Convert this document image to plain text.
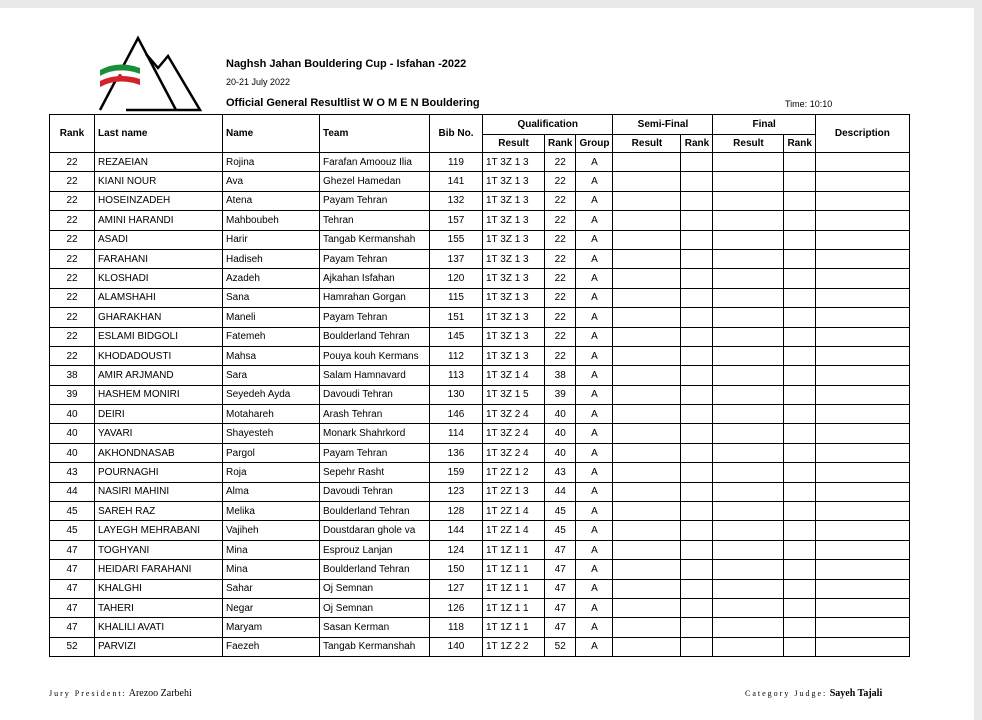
Naghsh Jahan Bouldering Cup - Isfahan -2022
20-21 July 2022
Official General Resultlist W O M E N Bouldering	Time: 10:10
Rank	Last name	Name	Team	Bib No.	Qualification			Semi-Final		Final		Description
					Result	Rank	Group	Result	Rank	Result	Rank	
22	REZAEIAN	Rojina	Farafan Amoouz Ilia	119	1T 3Z 1 3	22	A					
22	KIANI NOUR	Ava	Ghezel Hamedan	141	1T 3Z 1 3	22	A					
22	HOSEINZADEH	Atena	Payam Tehran	132	1T 3Z 1 3	22	A					
22	AMINI HARANDI	Mahboubeh	Tehran	157	1T 3Z 1 3	22	A					
22	ASADI	Harir	Tangab Kermanshah	155	1T 3Z 1 3	22	A					
22	FARAHANI	Hadiseh	Payam Tehran	137	1T 3Z 1 3	22	A					
22	KLOSHADI	Azadeh	Ajkahan Isfahan	120	1T 3Z 1 3	22	A					
22	ALAMSHAHI	Sana	Hamrahan Gorgan	115	1T 3Z 1 3	22	A					
22	GHARAKHAN	Maneli	Payam Tehran	151	1T 3Z 1 3	22	A					
22	ESLAMI BIDGOLI	Fatemeh	Boulderland Tehran	145	1T 3Z 1 3	22	A					
22	KHODADOUSTI	Mahsa	Pouya kouh Kermans	112	1T 3Z 1 3	22	A					
38	AMIR ARJMAND	Sara	Salam Hamnavard	113	1T 3Z 1 4	38	A					
39	HASHEM MONIRI	Seyedeh Ayda	Davoudi Tehran	130	1T 3Z 1 5	39	A					
40	DEIRI	Motahareh	Arash Tehran	146	1T 3Z 2 4	40	A					
40	YAVARI	Shayesteh	Monark Shahrkord	114	1T 3Z 2 4	40	A					
40	AKHONDNASAB	Pargol	Payam Tehran	136	1T 3Z 2 4	40	A					
43	POURNAGHI	Roja	Sepehr Rasht	159	1T 2Z 1 2	43	A					
44	NASIRI MAHINI	Alma	Davoudi Tehran	123	1T 2Z 1 3	44	A					
45	SAREH RAZ	Melika	Boulderland Tehran	128	1T 2Z 1 4	45	A					
45	LAYEGH MEHRABANI	Vajiheh	Doustdaran ghole va	144	1T 2Z 1 4	45	A					
47	TOGHYANI	Mina	Esprouz Lanjan	124	1T 1Z 1 1	47	A					
47	HEIDARI FARAHANI	Mina	Boulderland Tehran	150	1T 1Z 1 1	47	A					
47	KHALGHI	Sahar	Oj Semnan	127	1T 1Z 1 1	47	A					
47	TAHERI	Negar	Oj Semnan	126	1T 1Z 1 1	47	A					
47	KHALILI AVATI	Maryam	Sasan Kerman	118	1T 1Z 1 1	47	A					
52	PARVIZI	Faezeh	Tangab Kermanshah	140	1T 1Z 2 2	52	A					
Jury President: Arezoo Zarbehi	Category Judge: Sayeh Tajali
